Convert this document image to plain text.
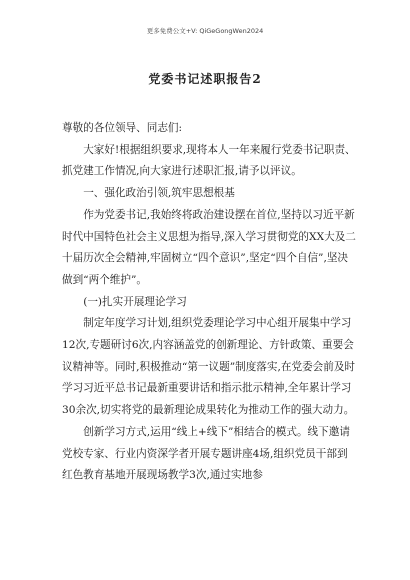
更多免费公文+V: QiGeGongWen2024
党委书记述职报告2

尊敬的各位领导、同志们:

大家好!根据组织要求,现将本人一年来履行党委书记职责、抓党建工作情况,向大家进行述职汇报,请予以评议。

一、强化政治引领,筑牢思想根基

作为党委书记,我始终将政治建设摆在首位,坚持以习近平新时代中国特色社会主义思想为指导,深入学习贯彻党的XX大及二十届历次全会精神,牢固树立“四个意识”,坚定“四个自信”,坚决做到“两个维护”。

(一)扎实开展理论学习

制定年度学习计划,组织党委理论学习中心组开展集中学习12次,专题研讨6次,内容涵盖党的创新理论、方针政策、重要会议精神等。同时,积极推动“第一议题”制度落实,在党委会前及时学习习近平总书记最新重要讲话和指示批示精神,全年累计学习30余次,切实将党的最新理论成果转化为推动工作的强大动力。

创新学习方式,运用“线上+线下”相结合的模式。线下邀请党校专家、行业内资深学者开展专题讲座4场,组织党员干部到红色教育基地开展现场教学3次,通过实地参
